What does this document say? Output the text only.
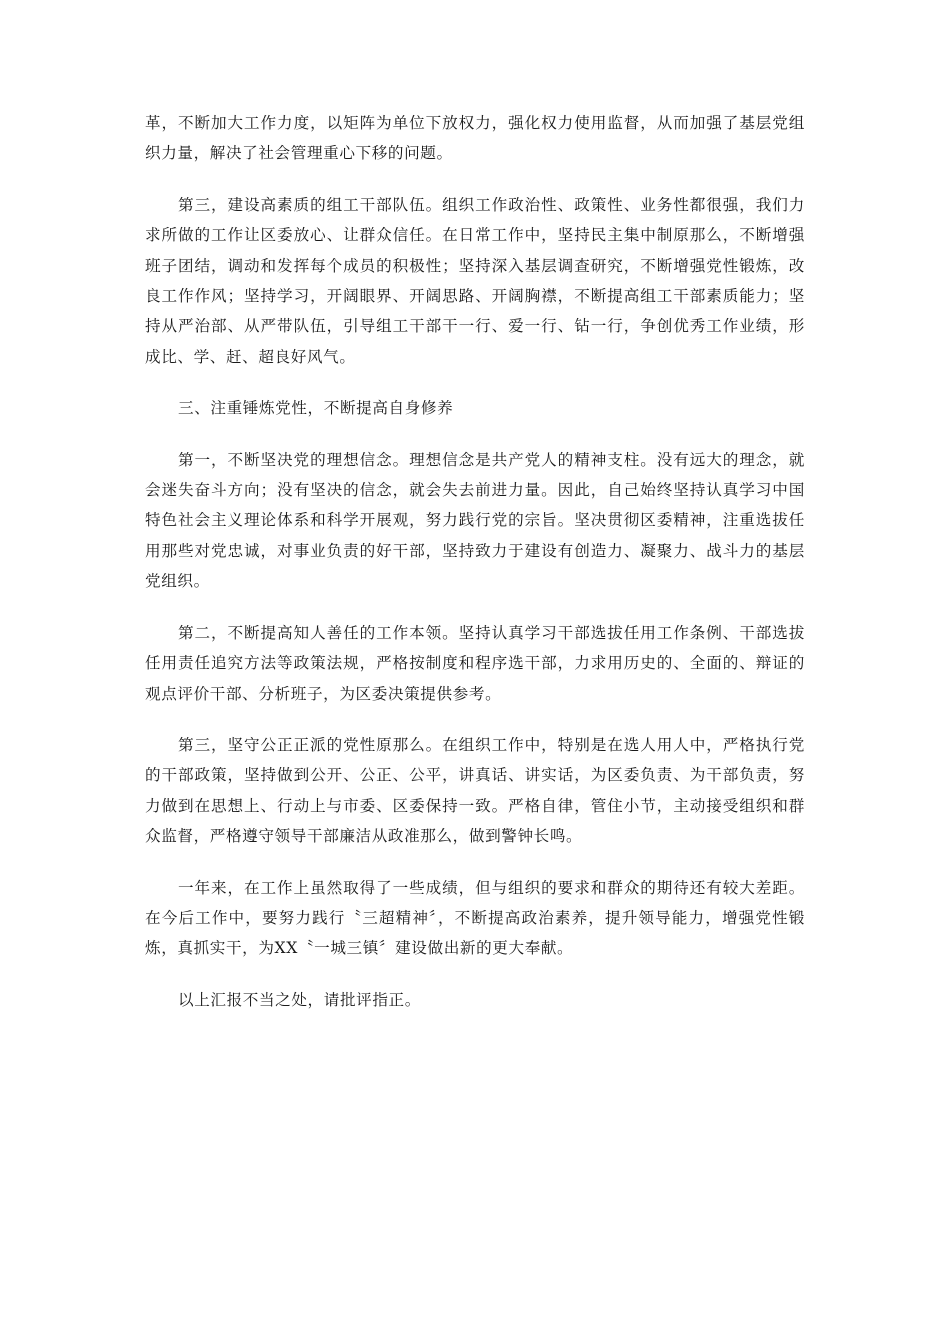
革，不断加大工作力度，以矩阵为单位下放权力，强化权力使用监督，从而加强了基层党组织力量，解决了社会管理重心下移的问题。

第三，建设高素质的组工干部队伍。组织工作政治性、政策性、业务性都很强，我们力求所做的工作让区委放心、让群众信任。在日常工作中，坚持民主集中制原那么，不断增强班子团结，调动和发挥每个成员的积极性；坚持深入基层调查研究，不断增强党性锻炼，改良工作作风；坚持学习，开阔眼界、开阔思路、开阔胸襟，不断提高组工干部素质能力；坚持从严治部、从严带队伍，引导组工干部干一行、爱一行、钻一行，争创优秀工作业绩，形成比、学、赶、超良好风气。

三、注重锤炼党性，不断提高自身修养

第一，不断坚决党的理想信念。理想信念是共产党人的精神支柱。没有远大的理念，就会迷失奋斗方向；没有坚决的信念，就会失去前进力量。因此，自己始终坚持认真学习中国特色社会主义理论体系和科学开展观，努力践行党的宗旨。坚决贯彻区委精神，注重选拔任用那些对党忠诚，对事业负责的好干部，坚持致力于建设有创造力、凝聚力、战斗力的基层党组织。

第二，不断提高知人善任的工作本领。坚持认真学习干部选拔任用工作条例、干部选拔任用责任追究方法等政策法规，严格按制度和程序选干部，力求用历史的、全面的、辩证的观点评价干部、分析班子，为区委决策提供参考。

第三，坚守公正正派的党性原那么。在组织工作中，特别是在选人用人中，严格执行党的干部政策，坚持做到公开、公正、公平，讲真话、讲实话，为区委负责、为干部负责，努力做到在思想上、行动上与市委、区委保持一致。严格自律，管住小节，主动接受组织和群众监督，严格遵守领导干部廉洁从政准那么，做到警钟长鸣。

一年来，在工作上虽然取得了一些成绩，但与组织的要求和群众的期待还有较大差距。在今后工作中，要努力践行〝三超精神〞，不断提高政治素养，提升领导能力，增强党性锻炼，真抓实干，为XX〝一城三镇〞建设做出新的更大奉献。

以上汇报不当之处，请批评指正。
